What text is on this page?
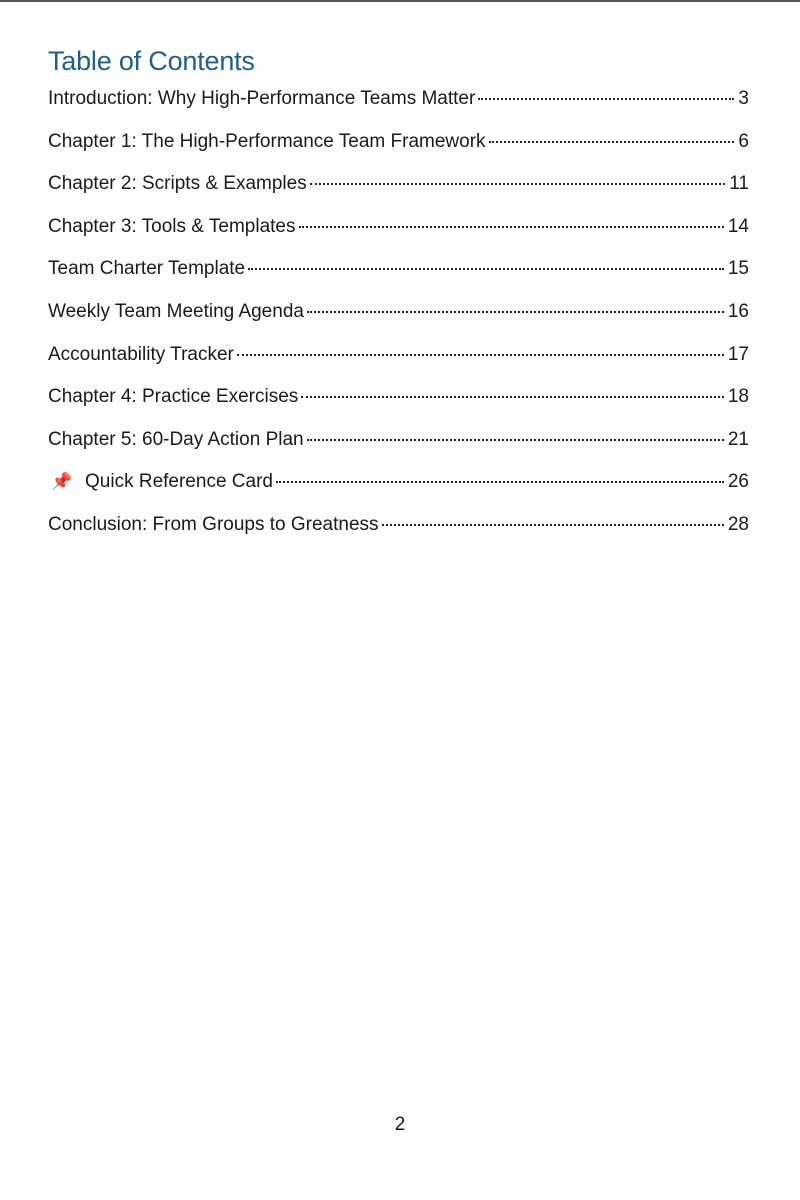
Table of Contents
Introduction: Why High-Performance Teams Matter	3
Chapter 1: The High-Performance Team Framework	6
Chapter 2: Scripts & Examples	11
Chapter 3: Tools & Templates	14
Team Charter Template	15
Weekly Team Meeting Agenda	16
Accountability Tracker	17
Chapter 4: Practice Exercises	18
Chapter 5: 60-Day Action Plan	21
📌 Quick Reference Card	26
Conclusion: From Groups to Greatness	28
2
